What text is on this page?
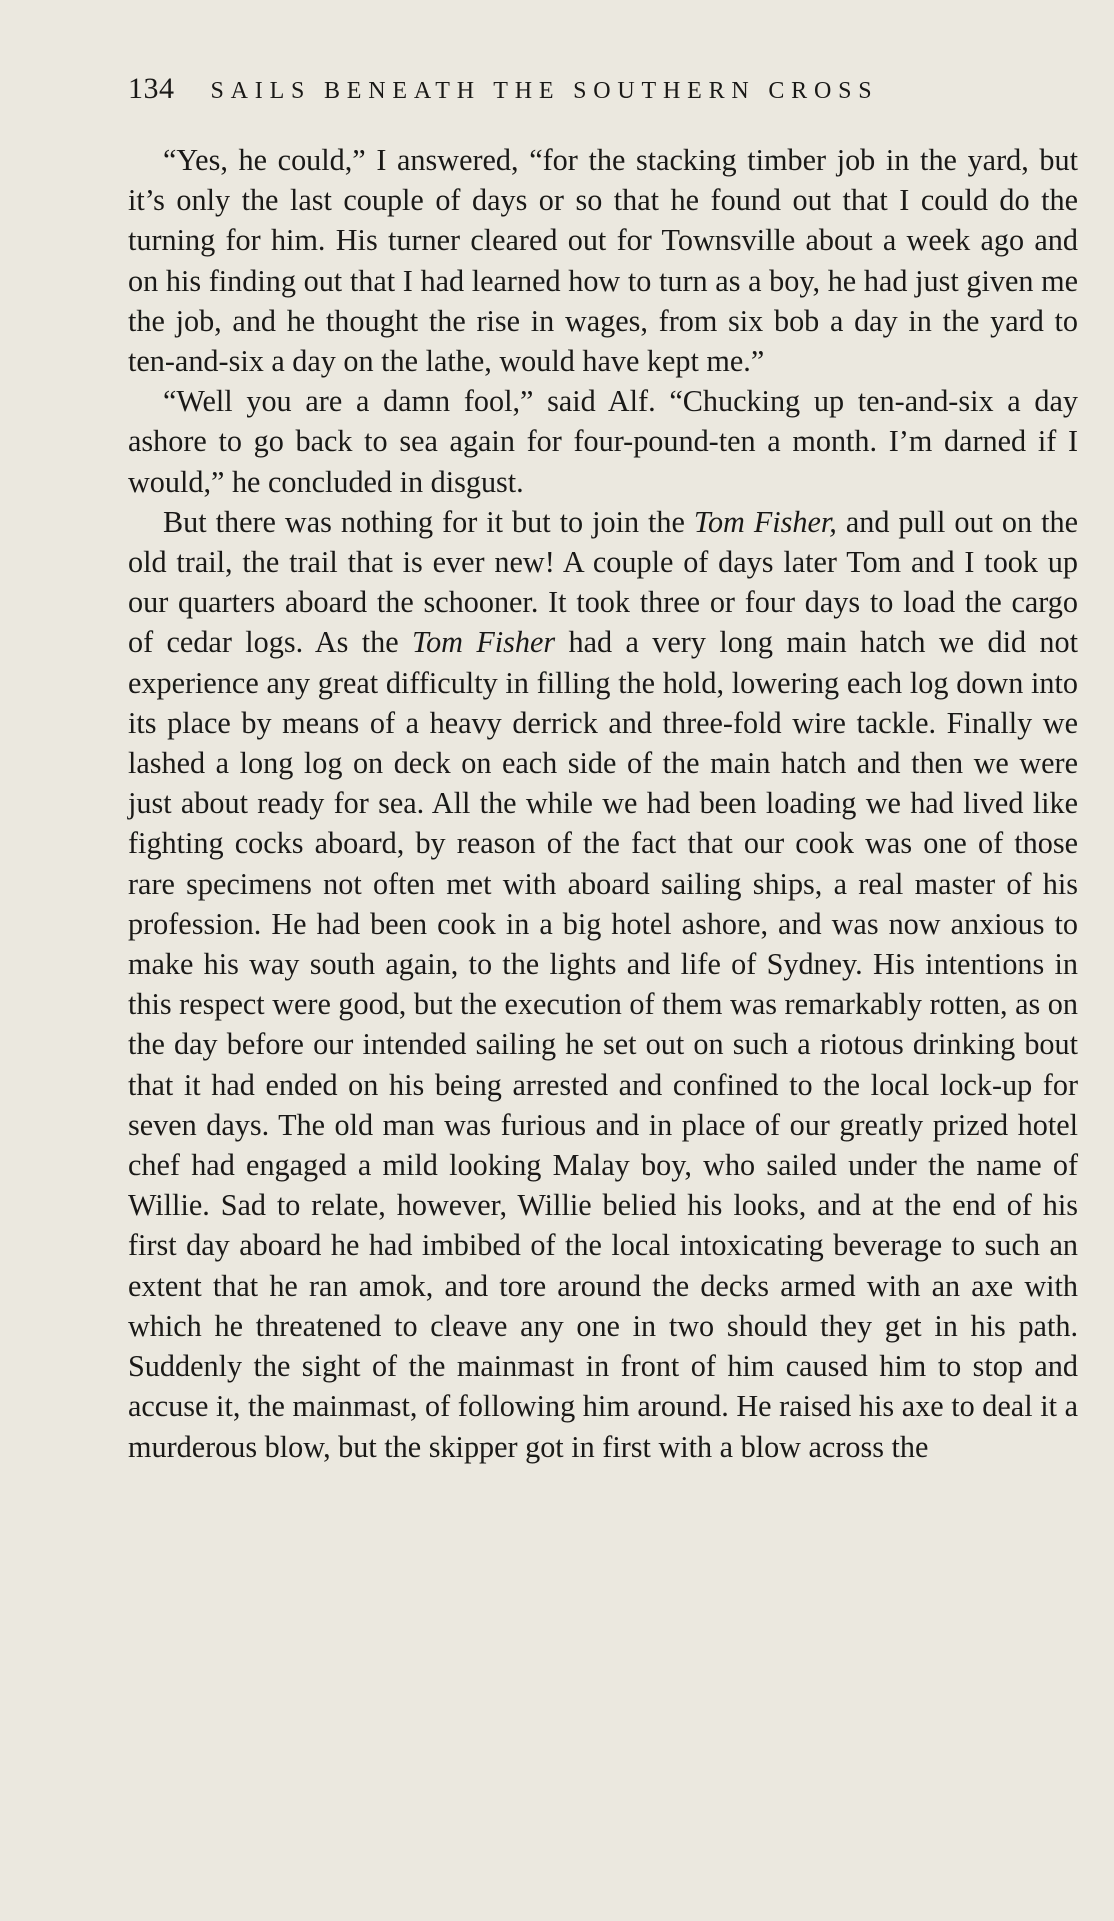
134 SAILS BENEATH THE SOUTHERN CROSS

“Yes, he could,” I answered, “for the stacking timber job in the yard, but it’s only the last couple of days or so that he found out that I could do the turning for him. His turner cleared out for Townsville about a week ago and on his finding out that I had learned how to turn as a boy, he had just given me the job, and he thought the rise in wages, from six bob a day in the yard to ten-and-six a day on the lathe, would have kept me.”

“Well you are a damn fool,” said Alf. “Chucking up ten-and-six a day ashore to go back to sea again for four-pound-ten a month. I’m darned if I would,” he concluded in disgust.

But there was nothing for it but to join the Tom Fisher, and pull out on the old trail, the trail that is ever new! A couple of days later Tom and I took up our quarters aboard the schooner. It took three or four days to load the cargo of cedar logs. As the Tom Fisher had a very long main hatch we did not experience any great difficulty in filling the hold, lowering each log down into its place by means of a heavy derrick and three-fold wire tackle. Finally we lashed a long log on deck on each side of the main hatch and then we were just about ready for sea. All the while we had been loading we had lived like fighting cocks aboard, by reason of the fact that our cook was one of those rare specimens not often met with aboard sailing ships, a real master of his profession. He had been cook in a big hotel ashore, and was now anxious to make his way south again, to the lights and life of Sydney. His intentions in this respect were good, but the execution of them was remarkably rotten, as on the day before our intended sailing he set out on such a riotous drinking bout that it had ended on his being arrested and confined to the local lock-up for seven days. The old man was furious and in place of our greatly prized hotel chef had engaged a mild looking Malay boy, who sailed under the name of Willie. Sad to relate, however, Willie belied his looks, and at the end of his first day aboard he had imbibed of the local intoxicating beverage to such an extent that he ran amok, and tore around the decks armed with an axe with which he threatened to cleave any one in two should they get in his path. Suddenly the sight of the mainmast in front of him caused him to stop and accuse it, the mainmast, of following him around. He raised his axe to deal it a murderous blow, but the skipper got in first with a blow across the
